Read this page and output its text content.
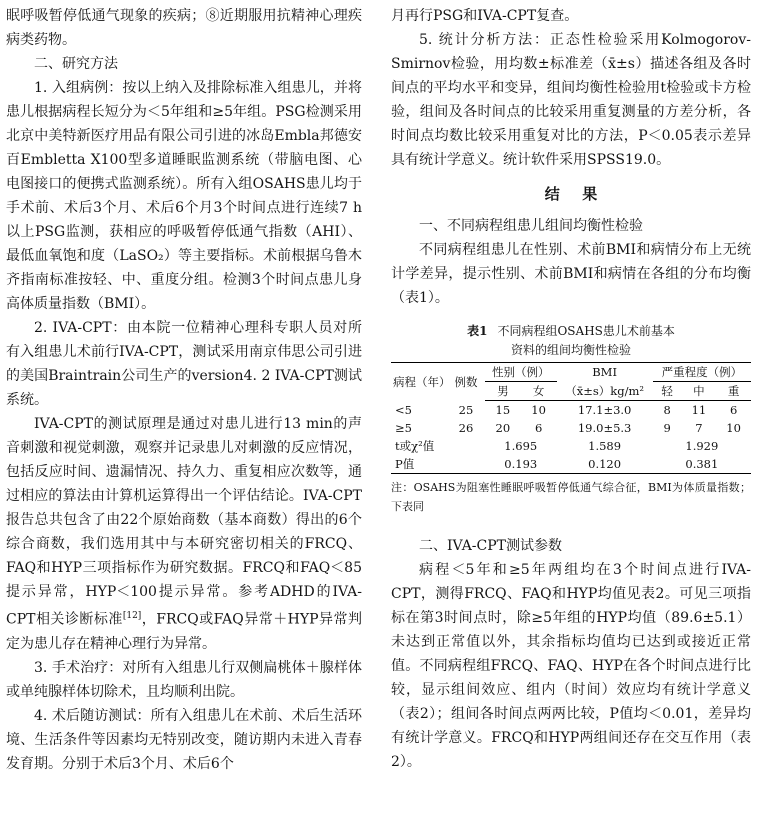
眠呼吸暂停低通气现象的疾病；⑧近期服用抗精神心理疾病类药物。

二、研究方法

1. 入组病例：按以上纳入及排除标准入组患儿，并将患儿根据病程长短分为＜5年组和≥5年组。PSG检测采用北京中美特新医疗用品有限公司引进的冰岛Embla邦德安百Embletta X100型多道睡眠监测系统（带脑电图、心电图接口的便携式监测系统）。所有入组OSAHS患儿均于手术前、术后3个月、术后6个月3个时间点进行连续7 h以上PSG监测，获相应的呼吸暂停低通气指数（AHI）、最低血氧饱和度（LaSO₂）等主要指标。术前根据乌鲁木齐指南标准按轻、中、重度分组。检测3个时间点患儿身高体质量指数（BMI）。

2. IVA-CPT：由本院一位精神心理科专职人员对所有入组患儿术前行IVA-CPT，测试采用南京伟思公司引进的美国Braintrain公司生产的version4. 2 IVA-CPT测试系统。

IVA-CPT的测试原理是通过对患儿进行13 min的声音刺激和视觉刺激，观察并记录患儿对刺激的反应情况，包括反应时间、遗漏情况、持久力、重复相应次数等，通过相应的算法由计算机运算得出一个评估结论。IVA-CPT报告总共包含了由22个原始商数（基本商数）得出的6个综合商数，我们选用其中与本研究密切相关的FRCQ、FAQ和HYP三项指标作为研究数据。FRCQ和FAQ＜85提示异常，HYP＜100提示异常。参考ADHD的IVA-CPT相关诊断标准[12]，FRCQ或FAQ异常＋HYP异常判定为患儿存在精神心理行为异常。

3. 手术治疗：对所有入组患儿行双侧扁桃体＋腺样体或单纯腺样体切除术，且均顺利出院。

4. 术后随访测试：所有入组患儿在术前、术后生活环境、生活条件等因素均无特别改变，随访期内未进入青春发育期。分别于术后3个月、术后6个

月再行PSG和IVA-CPT复查。

5. 统计分析方法：正态性检验采用Kolmogorov-Smirnov检验，用均数±标准差（x̄±s）描述各组及各时间点的平均水平和变异，组间均衡性检验用t检验或卡方检验，组间及各时间点的比较采用重复测量的方差分析，各时间点均数比较采用重复对比的方法，P＜0.05表示差异具有统计学意义。统计软件采用SPSS19.0。

结果
一、不同病程组患儿组间均衡性检验

不同病程组患儿在性别、术前BMI和病情分布上无统计学差异，提示性别、术前BMI和病情在各组的分布均衡（表1）。

表1 不同病程组OSAHS患儿术前基本
资料的组间均衡性检验
病程（年）	例数	性别（例）		BMI	严重程度（例）		
		男	女	（x̄±s）kg/m²	轻	中	重
<5	25	15	10	17.1±3.0	8	11	6
≥5	26	20	6	19.0±5.3	9	7	10
t或χ²值		1.695		1.589	1.929		
P值		0.193		0.120	0.381		
注：OSAHS为阻塞性睡眠呼吸暂停低通气综合征，BMI为体质量指数；下表同
二、IVA-CPT测试参数

病程＜5年和≥5年两组均在3个时间点进行IVA-CPT，测得FRCQ、FAQ和HYP均值见表2。可见三项指标在第3时间点时，除≥5年组的HYP均值（89.6±5.1）未达到正常值以外，其余指标均值均已达到或接近正常值。不同病程组FRCQ、FAQ、HYP在各个时间点进行比较，显示组间效应、组内（时间）效应均有统计学意义（表2）；组间各时间点两两比较，P值均＜0.01，差异均有统计学意义。FRCQ和HYP两组间还存在交互作用（表2）。
